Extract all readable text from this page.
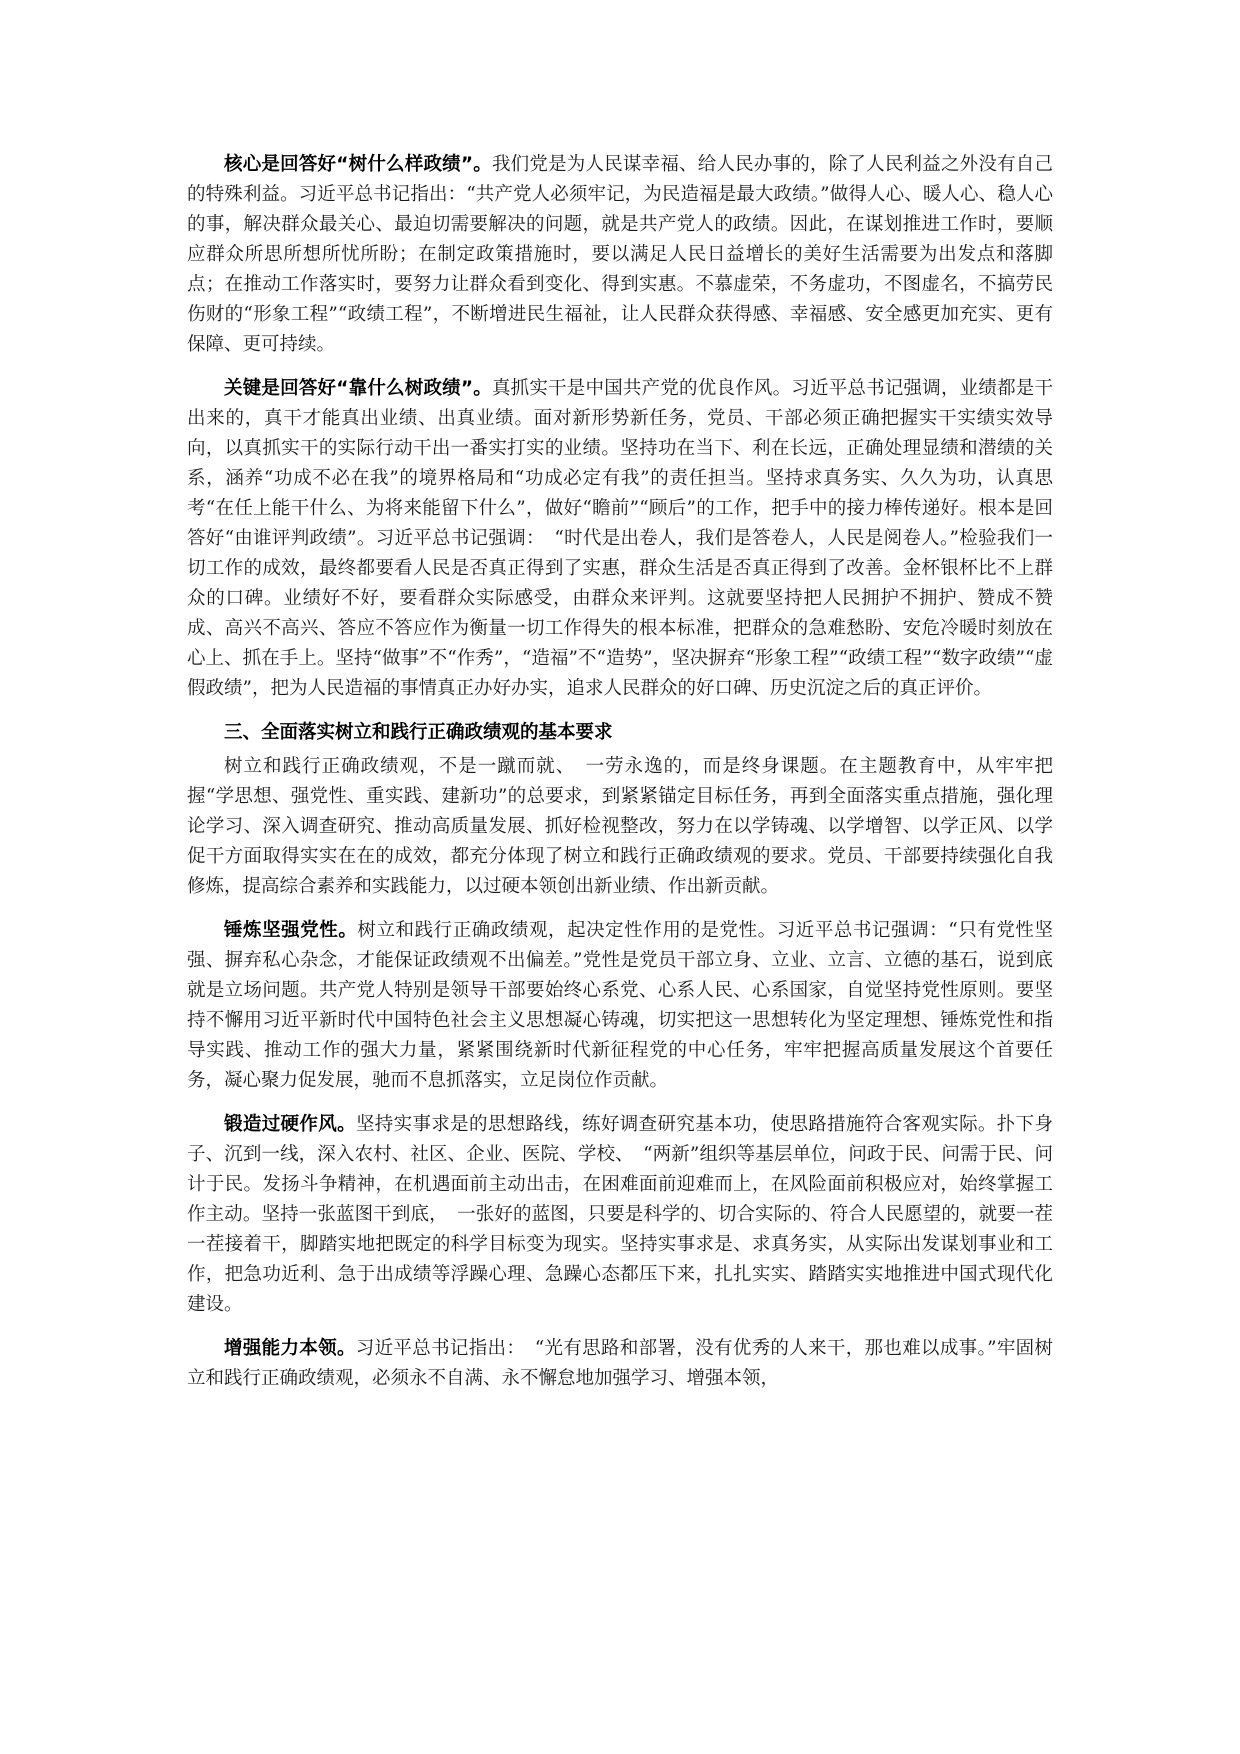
核心是回答好“树什么样政绩”。我们党是为人民谋幸福、给人民办事的，除了人民利益之外没有自己的特殊利益。习近平总书记指出：“共产党人必须牢记，为民造福是最大政绩。”做得人心、暖人心、稳人心的事，解决群众最关心、最迫切需要解决的问题，就是共产党人的政绩。因此，在谋划推进工作时，要顺应群众所思所想所忧所盼；在制定政策措施时，要以满足人民日益增长的美好生活需要为出发点和落脚点；在推动工作落实时，要努力让群众看到变化、得到实惠。不慕虚荣，不务虚功，不图虚名，不搞劳民伤财的“形象工程”“政绩工程”，不断增进民生福祉，让人民群众获得感、幸福感、安全感更加充实、更有保障、更可持续。

关键是回答好“靠什么树政绩”。真抓实干是中国共产党的优良作风。习近平总书记强调，业绩都是干出来的，真干才能真出业绩、出真业绩。面对新形势新任务，党员、干部必须正确把握实干实绩实效导向，以真抓实干的实际行动干出一番实打实的业绩。坚持功在当下、利在长远，正确处理显绩和潜绩的关系，涵养“功成不必在我”的境界格局和“功成必定有我”的责任担当。坚持求真务实、久久为功，认真思考“在任上能干什么、为将来能留下什么”，做好“瞻前”“顾后”的工作，把手中的接力棒传递好。根本是回答好“由谁评判政绩”。习近平总书记强调：　“时代是出卷人，我们是答卷人，人民是阅卷人。”检验我们一切工作的成效，最终都要看人民是否真正得到了实惠，群众生活是否真正得到了改善。金杯银杯比不上群众的口碑。业绩好不好，要看群众实际感受，由群众来评判。这就要坚持把人民拥护不拥护、赞成不赞成、高兴不高兴、答应不答应作为衡量一切工作得失的根本标准，把群众的急难愁盼、安危冷暖时刻放在心上、抓在手上。坚持“做事”不“作秀”，“造福”不“造势”，坚决摒弃“形象工程”“政绩工程”“数字政绩”“虚假政绩”，把为人民造福的事情真正办好办实，追求人民群众的好口碑、历史沉淀之后的真正评价。

三、全面落实树立和践行正确政绩观的基本要求

树立和践行正确政绩观，不是一蹴而就、　一劳永逸的，而是终身课题。在主题教育中，从牢牢把握“学思想、强党性、重实践、建新功”的总要求，到紧紧锚定目标任务，再到全面落实重点措施，强化理论学习、深入调查研究、推动高质量发展、抓好检视整改，努力在以学铸魂、以学增智、以学正风、以学促干方面取得实实在在的成效，都充分体现了树立和践行正确政绩观的要求。党员、干部要持续强化自我修炼，提高综合素养和实践能力，以过硬本领创出新业绩、作出新贡献。

锤炼坚强党性。树立和践行正确政绩观，起决定性作用的是党性。习近平总书记强调：“只有党性坚强、摒弃私心杂念，才能保证政绩观不出偏差。”党性是党员干部立身、立业、立言、立德的基石，说到底就是立场问题。共产党人特别是领导干部要始终心系党、心系人民、心系国家，自觉坚持党性原则。要坚持不懈用习近平新时代中国特色社会主义思想凝心铸魂，切实把这一思想转化为坚定理想、锤炼党性和指导实践、推动工作的强大力量，紧紧围绕新时代新征程党的中心任务，牢牢把握高质量发展这个首要任务，凝心聚力促发展，驰而不息抓落实，立足岗位作贡献。

锻造过硬作风。坚持实事求是的思想路线，练好调查研究基本功，使思路措施符合客观实际。扑下身子、沉到一线，深入农村、社区、企业、医院、学校、　“两新”组织等基层单位，问政于民、问需于民、问计于民。发扬斗争精神，在机遇面前主动出击，在困难面前迎难而上，在风险面前积极应对，始终掌握工作主动。坚持一张蓝图干到底，　一张好的蓝图，只要是科学的、切合实际的、符合人民愿望的，就要一茬一茬接着干，脚踏实地把既定的科学目标变为现实。坚持实事求是、求真务实，从实际出发谋划事业和工作，把急功近利、急于出成绩等浮躁心理、急躁心态都压下来，扎扎实实、踏踏实实地推进中国式现代化建设。

增强能力本领。习近平总书记指出：　“光有思路和部署，没有优秀的人来干，那也难以成事。”牢固树立和践行正确政绩观，必须永不自满、永不懈怠地加强学习、增强本领，
